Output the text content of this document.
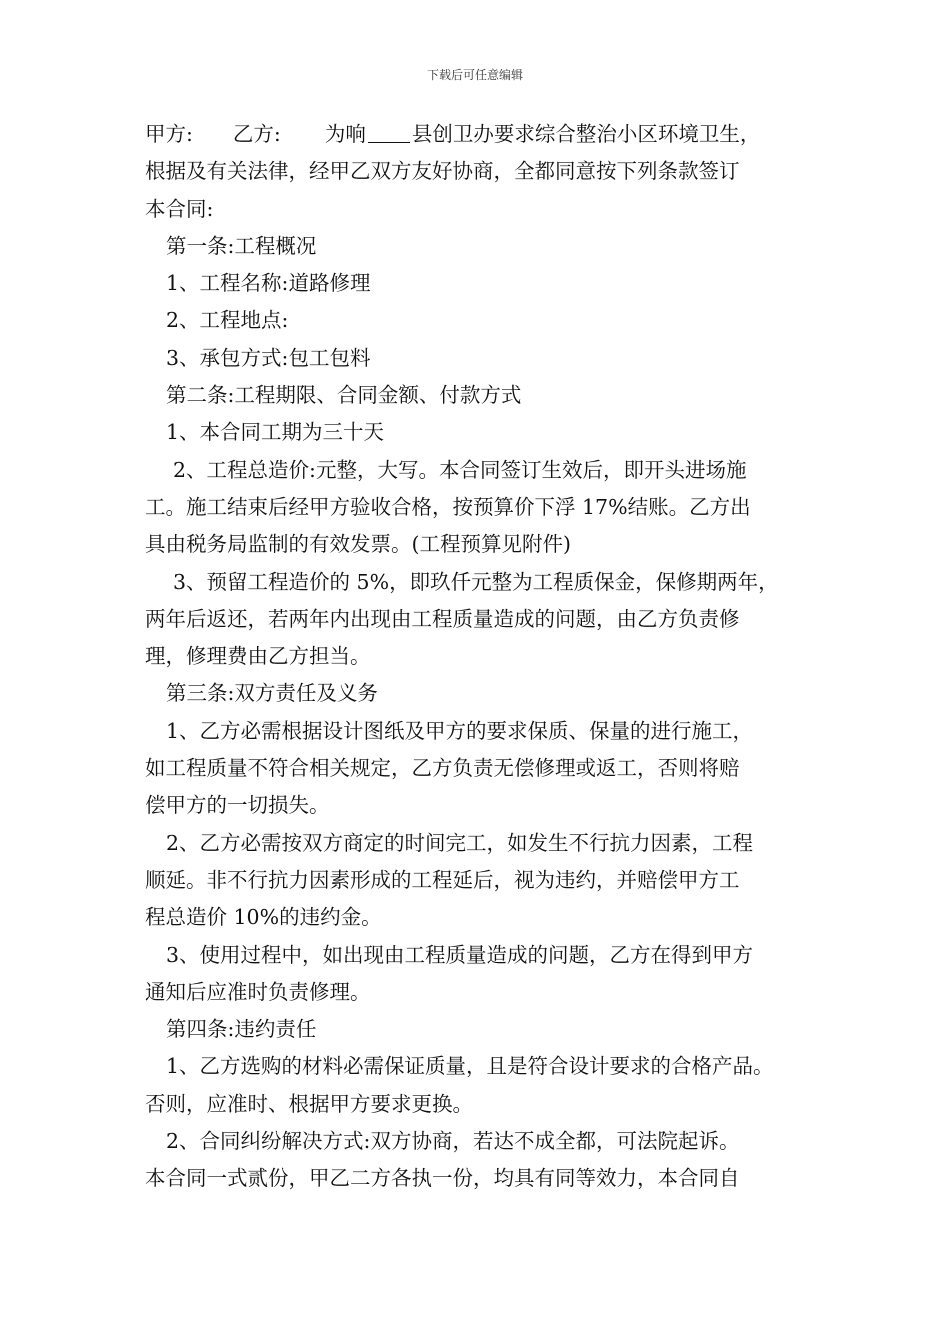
下载后可任意编辑
甲方: 乙方: 为响 县创卫办要求综合整治小区环境卫生，
根据及有关法律，经甲乙双方友好协商，全都同意按下列条款签订
本合同:
第一条:工程概况
1、工程名称:道路修理
2、工程地点:
3、承包方式:包工包料
第二条:工程期限、合同金额、付款方式
1、本合同工期为三十天
2、工程总造价:元整，大写。本合同签订生效后，即开头进场施
工。施工结束后经甲方验收合格，按预算价下浮 17%结账。乙方出
具由税务局监制的有效发票。(工程预算见附件)
3、预留工程造价的 5%，即玖仟元整为工程质保金，保修期两年，
两年后返还，若两年内出现由工程质量造成的问题，由乙方负责修
理，修理费由乙方担当。
第三条:双方责任及义务
1、乙方必需根据设计图纸及甲方的要求保质、保量的进行施工，
如工程质量不符合相关规定，乙方负责无偿修理或返工，否则将赔
偿甲方的一切损失。
2、乙方必需按双方商定的时间完工，如发生不行抗力因素，工程
顺延。非不行抗力因素形成的工程延后，视为违约，并赔偿甲方工
程总造价 10%的违约金。
3、使用过程中，如出现由工程质量造成的问题，乙方在得到甲方
通知后应准时负责修理。
第四条:违约责任
1、乙方选购的材料必需保证质量，且是符合设计要求的合格产品。
否则，应准时、根据甲方要求更换。
2、合同纠纷解决方式:双方协商，若达不成全都，可法院起诉。
本合同一式贰份，甲乙二方各执一份，均具有同等效力，本合同自
